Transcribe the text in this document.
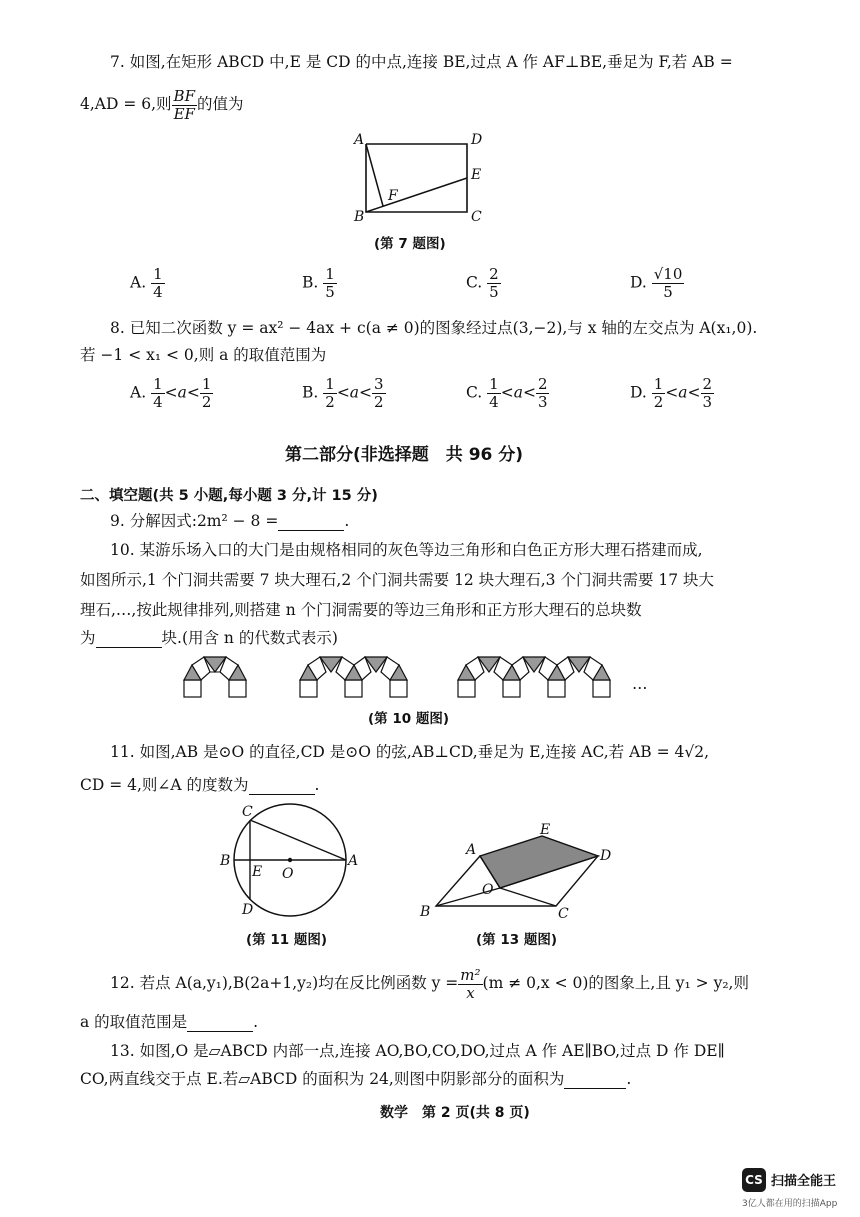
7. 如图,在矩形 ABCD 中,E 是 CD 的中点,连接 BE,过点 A 作 AF⊥BE,垂足为 F,若 AB =
4,AD = 6,则 $\frac{BF}{EF}$ 的值为
A	D
E
F
B	C
(第 7 题图)
A. $\frac{1}{4}$	B. $\frac{1}{5}$	C. $\frac{2}{5}$	D. $\frac{√10}{5}$
8. 已知二次函数 y = ax² − 4ax + c(a ≠ 0)的图象经过点(3,−2),与 x 轴的左交点为 A(x₁,0).
若 −1 < x₁ < 0,则 a 的取值范围为
A. $\frac{1}{4} <a< \frac{1}{2}$	B. $\frac{1}{2} <a< \frac{3}{2}$	C. $\frac{1}{4} <a< \frac{2}{3}$	D. $\frac{1}{2} <a< \frac{2}{3}$
第二部分(非选择题　共 96 分)
二、填空题(共 5 小题,每小题 3 分,计 15 分)
9. 分解因式:2m² − 8 =	.
10. 某游乐场入口的大门是由规格相同的灰色等边三角形和白色正方形大理石搭建而成,
如图所示,1 个门洞共需要 7 块大理石,2 个门洞共需要 12 块大理石,3 个门洞共需要 17 块大
理石,…,按此规律排列,则搭建 n 个门洞需要的等边三角形和正方形大理石的总块数
为	块.(用含 n 的代数式表示)
…
(第 10 题图)
11. 如图,AB 是⊙O 的直径,CD 是⊙O 的弦,AB⊥CD,垂足为 E,连接 AC,若 AB = 4√2,
CD = 4,则∠A 的度数为	.
C
B
E O
A
D
(第 11 题图)
E
A	D
O
B	C
(第 13 题图)
12. 若点 A(a,y₁),B(2a+1,y₂)均在反比例函数 $y = \frac{\text{m²}}{x} (m \ne 0,x < 0)$的图象上,且 y₁ > y₂,则
a 的取值范围是	.
13. 如图,O 是▱ABCD 内部一点,连接 AO,BO,CO,DO,过点 A 作 AE∥BO,过点 D 作 DE∥
CO,两直线交于点 E.若▱ABCD 的面积为 24,则图中阴影部分的面积为	.
数学　第 2 页(共 8 页)
CS 扫描全能王
3亿人都在用的扫描App
